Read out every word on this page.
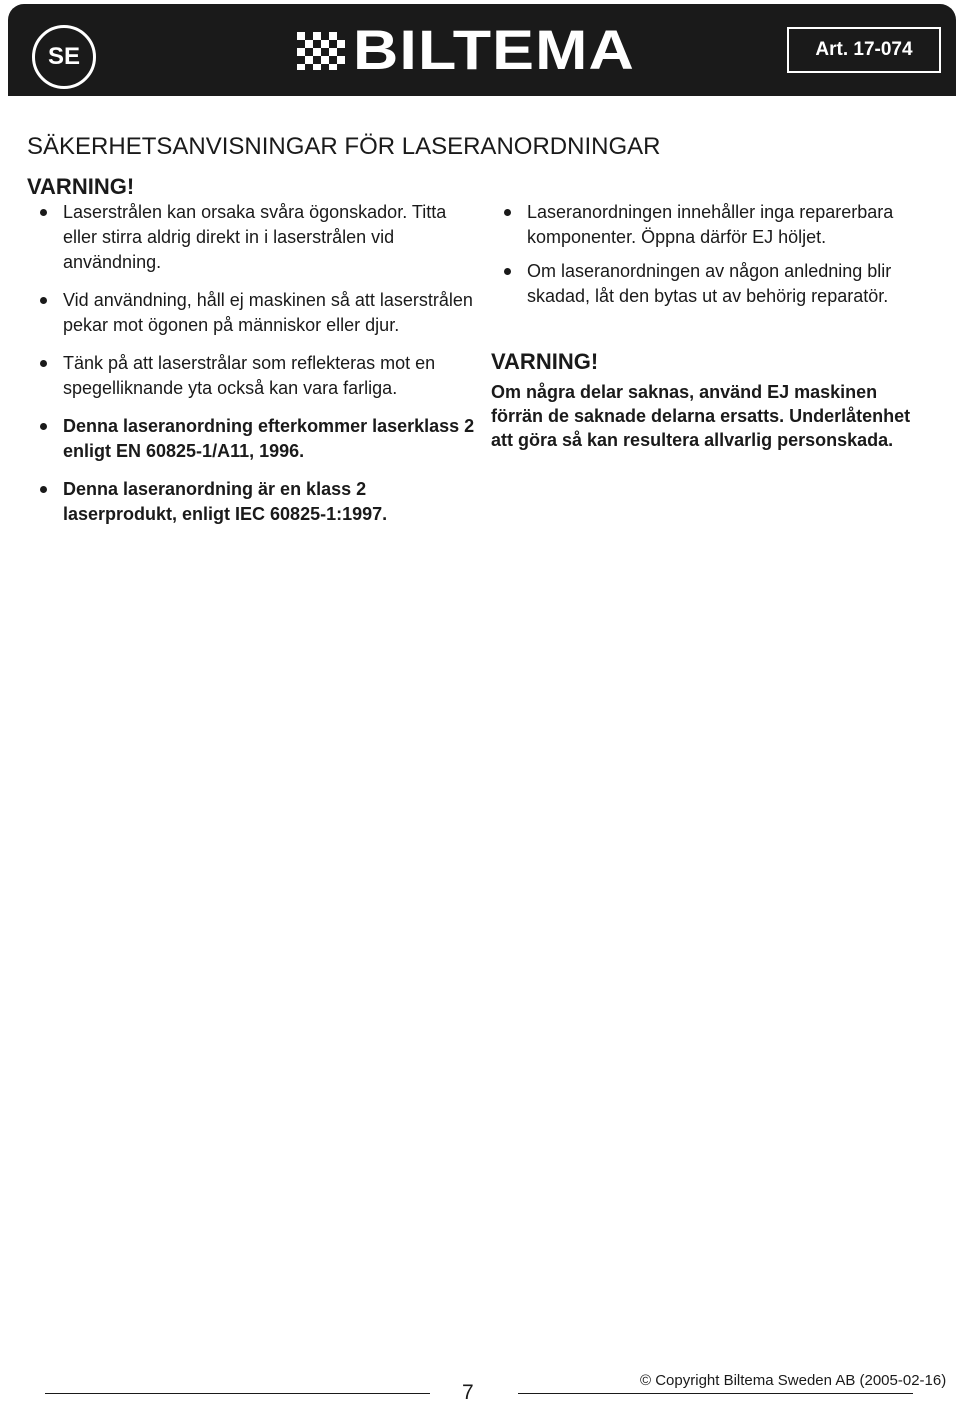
SE	BILTEMA	Art. 17-074
SÄKERHETSANVISNINGAR FÖR LASERANORDNINGAR
VARNING!
Laserstrålen kan orsaka svåra ögonskador. Titta eller stirra aldrig direkt in i laserstrålen vid användning.
Vid användning, håll ej maskinen så att laserstrålen pekar mot ögonen på människor eller djur.
Tänk på att laserstrålar som reflekteras mot en spegelliknande yta också kan vara farliga.
Denna laseranordning efterkommer laserklass 2 enligt EN 60825-1/A11, 1996.
Denna laseranordning är en klass 2 laserprodukt, enligt IEC 60825-1:1997.
Laseranordningen innehåller inga reparerbara komponenter. Öppna därför EJ höljet.
Om laseranordningen av någon anledning blir skadad, låt den bytas ut av behörig reparatör.
VARNING!

Om några delar saknas, använd EJ maskinen förrän de saknade delarna ersatts. Underlåtenhet att göra så kan resultera allvarlig personskada.

7
© Copyright Biltema Sweden AB (2005-02-16)
